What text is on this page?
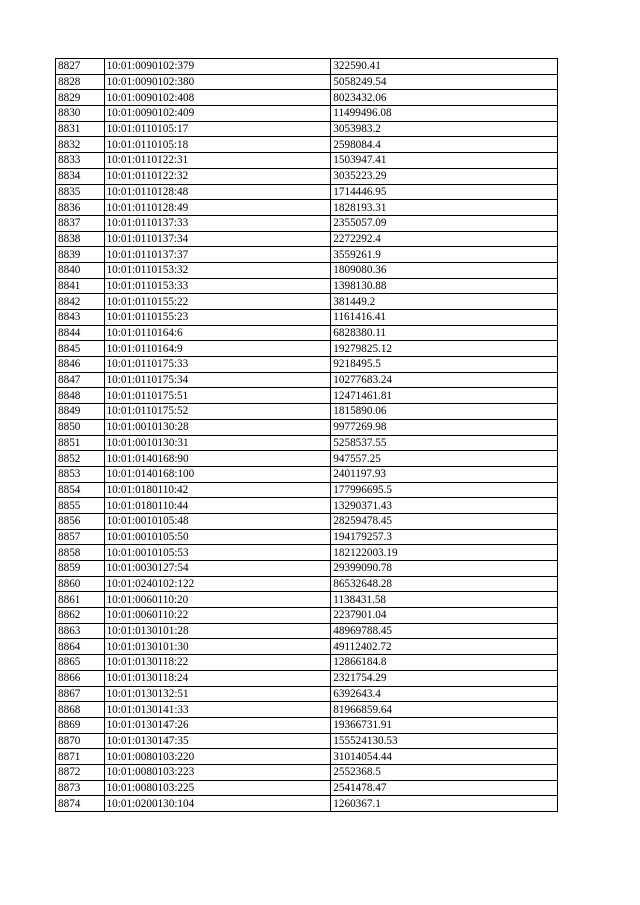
8827	10:01:0090102:379	322590.41
8828	10:01:0090102:380	5058249.54
8829	10:01:0090102:408	8023432.06
8830	10:01:0090102:409	11499496.08
8831	10:01:0110105:17	3053983.2
8832	10:01:0110105:18	2598084.4
8833	10:01:0110122:31	1503947.41
8834	10:01:0110122:32	3035223.29
8835	10:01:0110128:48	1714446.95
8836	10:01:0110128:49	1828193.31
8837	10:01:0110137:33	2355057.09
8838	10:01:0110137:34	2272292.4
8839	10:01:0110137:37	3559261.9
8840	10:01:0110153:32	1809080.36
8841	10:01:0110153:33	1398130.88
8842	10:01:0110155:22	381449.2
8843	10:01:0110155:23	1161416.41
8844	10:01:0110164:6	6828380.11
8845	10:01:0110164:9	19279825.12
8846	10:01:0110175:33	9218495.5
8847	10:01:0110175:34	10277683.24
8848	10:01:0110175:51	12471461.81
8849	10:01:0110175:52	1815890.06
8850	10:01:0010130:28	9977269.98
8851	10:01:0010130:31	5258537.55
8852	10:01:0140168:90	947557.25
8853	10:01:0140168:100	2401197.93
8854	10:01:0180110:42	177996695.5
8855	10:01:0180110:44	13290371.43
8856	10:01:0010105:48	28259478.45
8857	10:01:0010105:50	194179257.3
8858	10:01:0010105:53	182122003.19
8859	10:01:0030127:54	29399090.78
8860	10:01:0240102:122	86532648.28
8861	10:01:0060110:20	1138431.58
8862	10:01:0060110:22	2237901.04
8863	10:01:0130101:28	48969788.45
8864	10:01:0130101:30	49112402.72
8865	10:01:0130118:22	12866184.8
8866	10:01:0130118:24	2321754.29
8867	10:01:0130132:51	6392643.4
8868	10:01:0130141:33	81966859.64
8869	10:01:0130147:26	19366731.91
8870	10:01:0130147:35	155524130.53
8871	10:01:0080103:220	31014054.44
8872	10:01:0080103:223	2552368.5
8873	10:01:0080103:225	2541478.47
8874	10:01:0200130:104	1260367.1
